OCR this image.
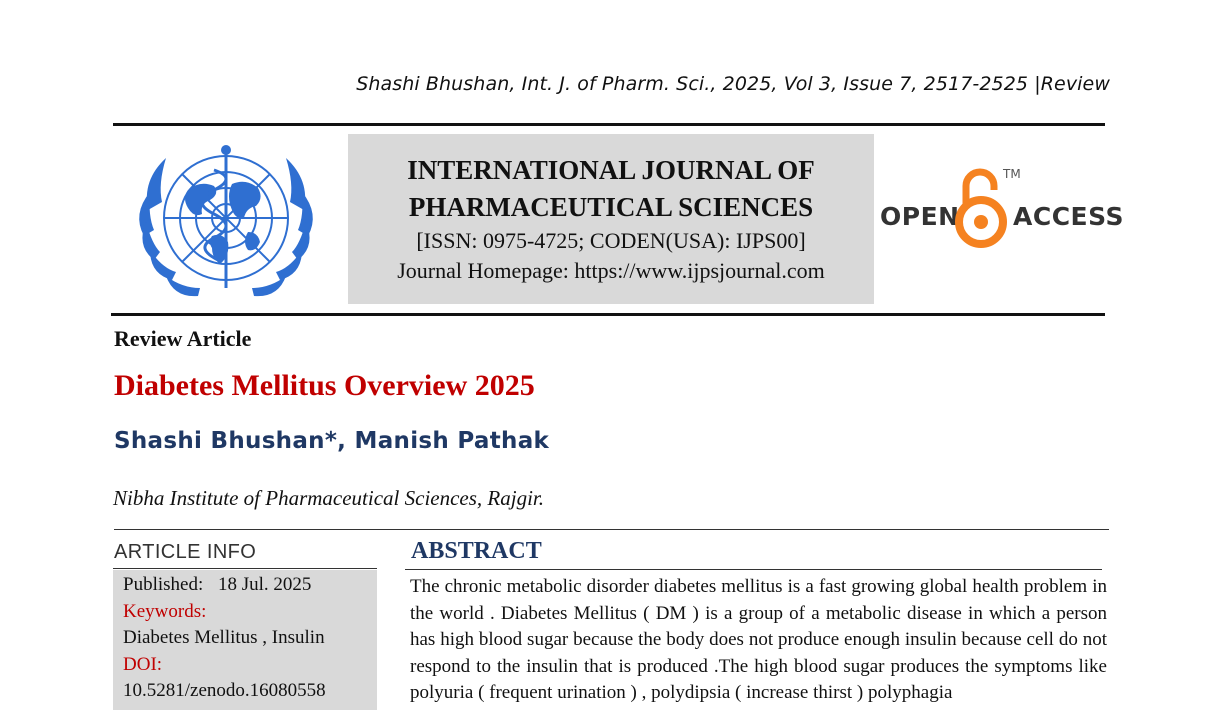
Shashi Bhushan, Int. J. of Pharm. Sci., 2025, Vol 3, Issue 7, 2517-2525 |Review
INTERNATIONAL JOURNAL OF
PHARMACEUTICAL SCIENCES
[ISSN: 0975-4725; CODEN(USA): IJPS00]
Journal Homepage: https://www.ijpsjournal.com
OPEN
TM
ACCESS
Review Article
Diabetes Mellitus Overview 2025
Shashi Bhushan*, Manish Pathak
Nibha Institute of Pharmaceutical Sciences, Rajgir.
ARTICLE INFO
Published: 18 Jul. 2025
Keywords:
Diabetes Mellitus , Insulin
DOI:
10.5281/zenodo.16080558
ABSTRACT
The chronic metabolic disorder diabetes mellitus is a fast growing global health problem in the world . Diabetes Mellitus ( DM ) is a group of a metabolic disease in which a person has high blood sugar because the body does not produce enough insulin because cell do not respond to the insulin that is produced .The high blood sugar produces the symptoms like polyuria ( frequent urination ) , polydipsia ( increase thirst ) polyphagia
